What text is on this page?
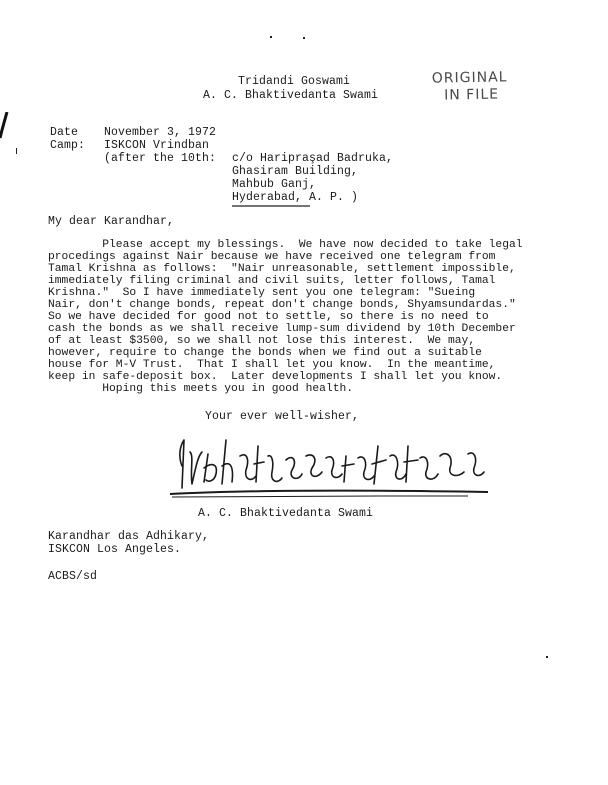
Tridandi Goswami
A. C. Bhaktivedanta Swami
ORIGINAL
IN FILE
Date November 3, 1972
Camp: ISKCON Vrindban
(after the 10th: c/o Haripraşad Badruka,
Ghasiram Building,
Mahbub Ganj,
Hyderabad, A. P. )
My dear Karandhar,
Please accept my blessings.  We have now decided to take legal
procedings against Nair because we have received one telegram from
Tamal Krishna as follows:  "Nair unreasonable, settlement impossible,
immediately filing criminal and civil suits, letter follows, Tamal
Krishna."  So I have immediately sent you one telegram: "Sueing
Nair, don't change bonds, repeat don't change bonds, Shyamsundardas."
So we have decided for good not to settle, so there is no need to
cash the bonds as we shall receive lump-sum dividend by 10th December
of at least $3500, so we shall not lose this interest.  We may,
however, require to change the bonds when we find out a suitable
house for M-V Trust.  That I shall let you know.  In the meantime,
keep in safe-deposit box.  Later developments I shall let you know.
Hoping this meets you in good health.
Your ever well-wisher,
A. C. Bhaktivedanta Swami
Karandhar das Adhikary,
ISKCON Los Angeles.
ACBS/sd
